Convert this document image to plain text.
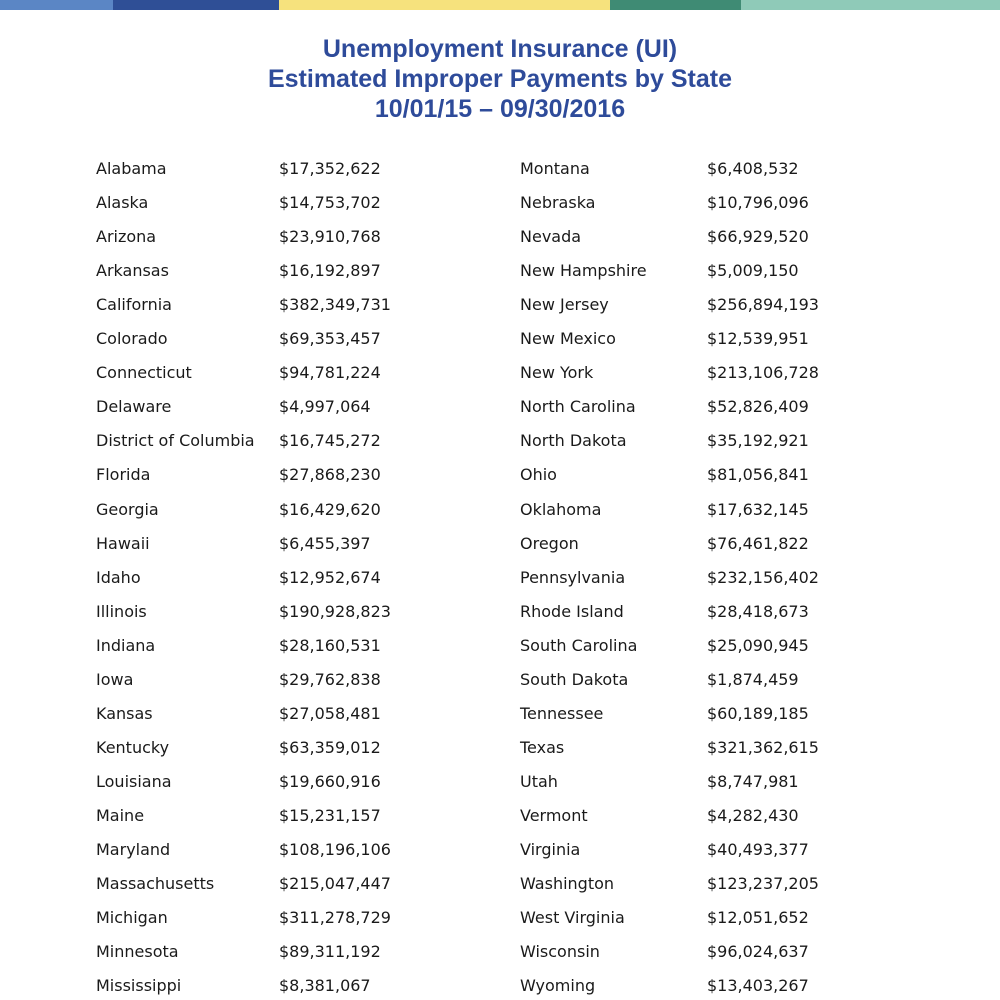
Unemployment Insurance (UI)

Estimated Improper Payments by State

10/01/15 – 09/30/2016

Alabama	$17,352,622
Alaska	$14,753,702
Arizona	$23,910,768
Arkansas	$16,192,897
California	$382,349,731
Colorado	$69,353,457
Connecticut	$94,781,224
Delaware	$4,997,064
District of Columbia $16,745,272
Florida	$27,868,230
Georgia	$16,429,620
Hawaii	$6,455,397
Idaho	$12,952,674
Illinois	$190,928,823
Indiana	$28,160,531
Iowa	$29,762,838
Kansas	$27,058,481
Kentucky	$63,359,012
Louisiana	$19,660,916
Maine	$15,231,157
Maryland	$108,196,106
Massachusetts	$215,047,447
Michigan	$311,278,729
Minnesota	$89,311,192
Mississippi	$8,381,067
Montana	$6,408,532
Nebraska	$10,796,096
Nevada	$66,929,520
New Hampshire	$5,009,150
New Jersey	$256,894,193
New Mexico	$12,539,951
New York	$213,106,728
North Carolina	$52,826,409
North Dakota	$35,192,921
Ohio	$81,056,841
Oklahoma	$17,632,145
Oregon	$76,461,822
Pennsylvania	$232,156,402
Rhode Island	$28,418,673
South Carolina	$25,090,945
South Dakota	$1,874,459
Tennessee	$60,189,185
Texas	$321,362,615
Utah	$8,747,981
Vermont	$4,282,430
Virginia	$40,493,377
Washington	$123,237,205
West Virginia	$12,051,652
Wisconsin	$96,024,637
Wyoming	$13,403,267
